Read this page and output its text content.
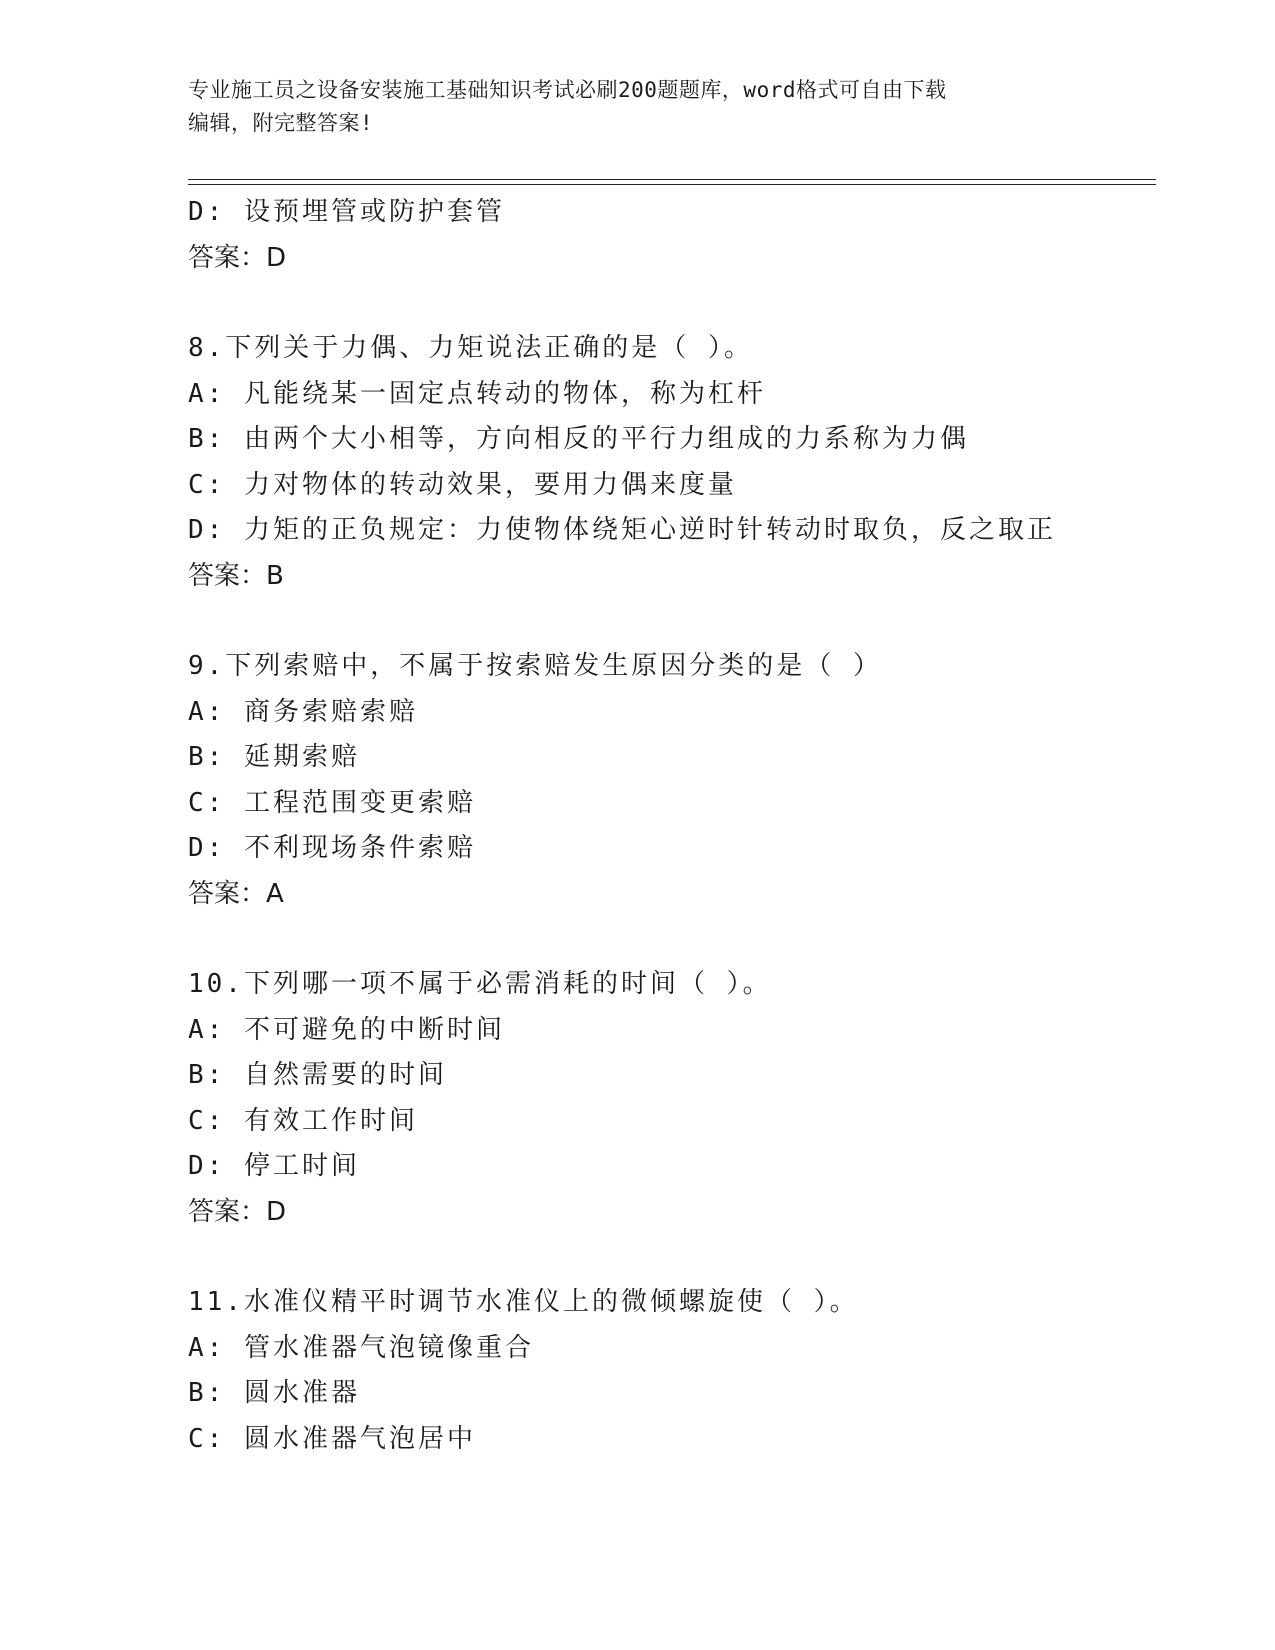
专业施工员之设备安装施工基础知识考试必刷200题题库，word格式可自由下载
编辑，附完整答案!
D: 设预埋管或防护套管
答案：D
8.下列关于力偶、力矩说法正确的是（ ）。
A: 凡能绕某一固定点转动的物体，称为杠杆
B: 由两个大小相等，方向相反的平行力组成的力系称为力偶
C: 力对物体的转动效果，要用力偶来度量
D: 力矩的正负规定：力使物体绕矩心逆时针转动时取负，反之取正
答案：B
9.下列索赔中，不属于按索赔发生原因分类的是（ ）
A: 商务索赔索赔
B: 延期索赔
C: 工程范围变更索赔
D: 不利现场条件索赔
答案：A
10.下列哪一项不属于必需消耗的时间（ ）。
A: 不可避免的中断时间
B: 自然需要的时间
C: 有效工作时间
D: 停工时间
答案：D
11.水准仪精平时调节水准仪上的微倾螺旋使（ ）。
A: 管水准器气泡镜像重合
B: 圆水准器
C: 圆水准器气泡居中
